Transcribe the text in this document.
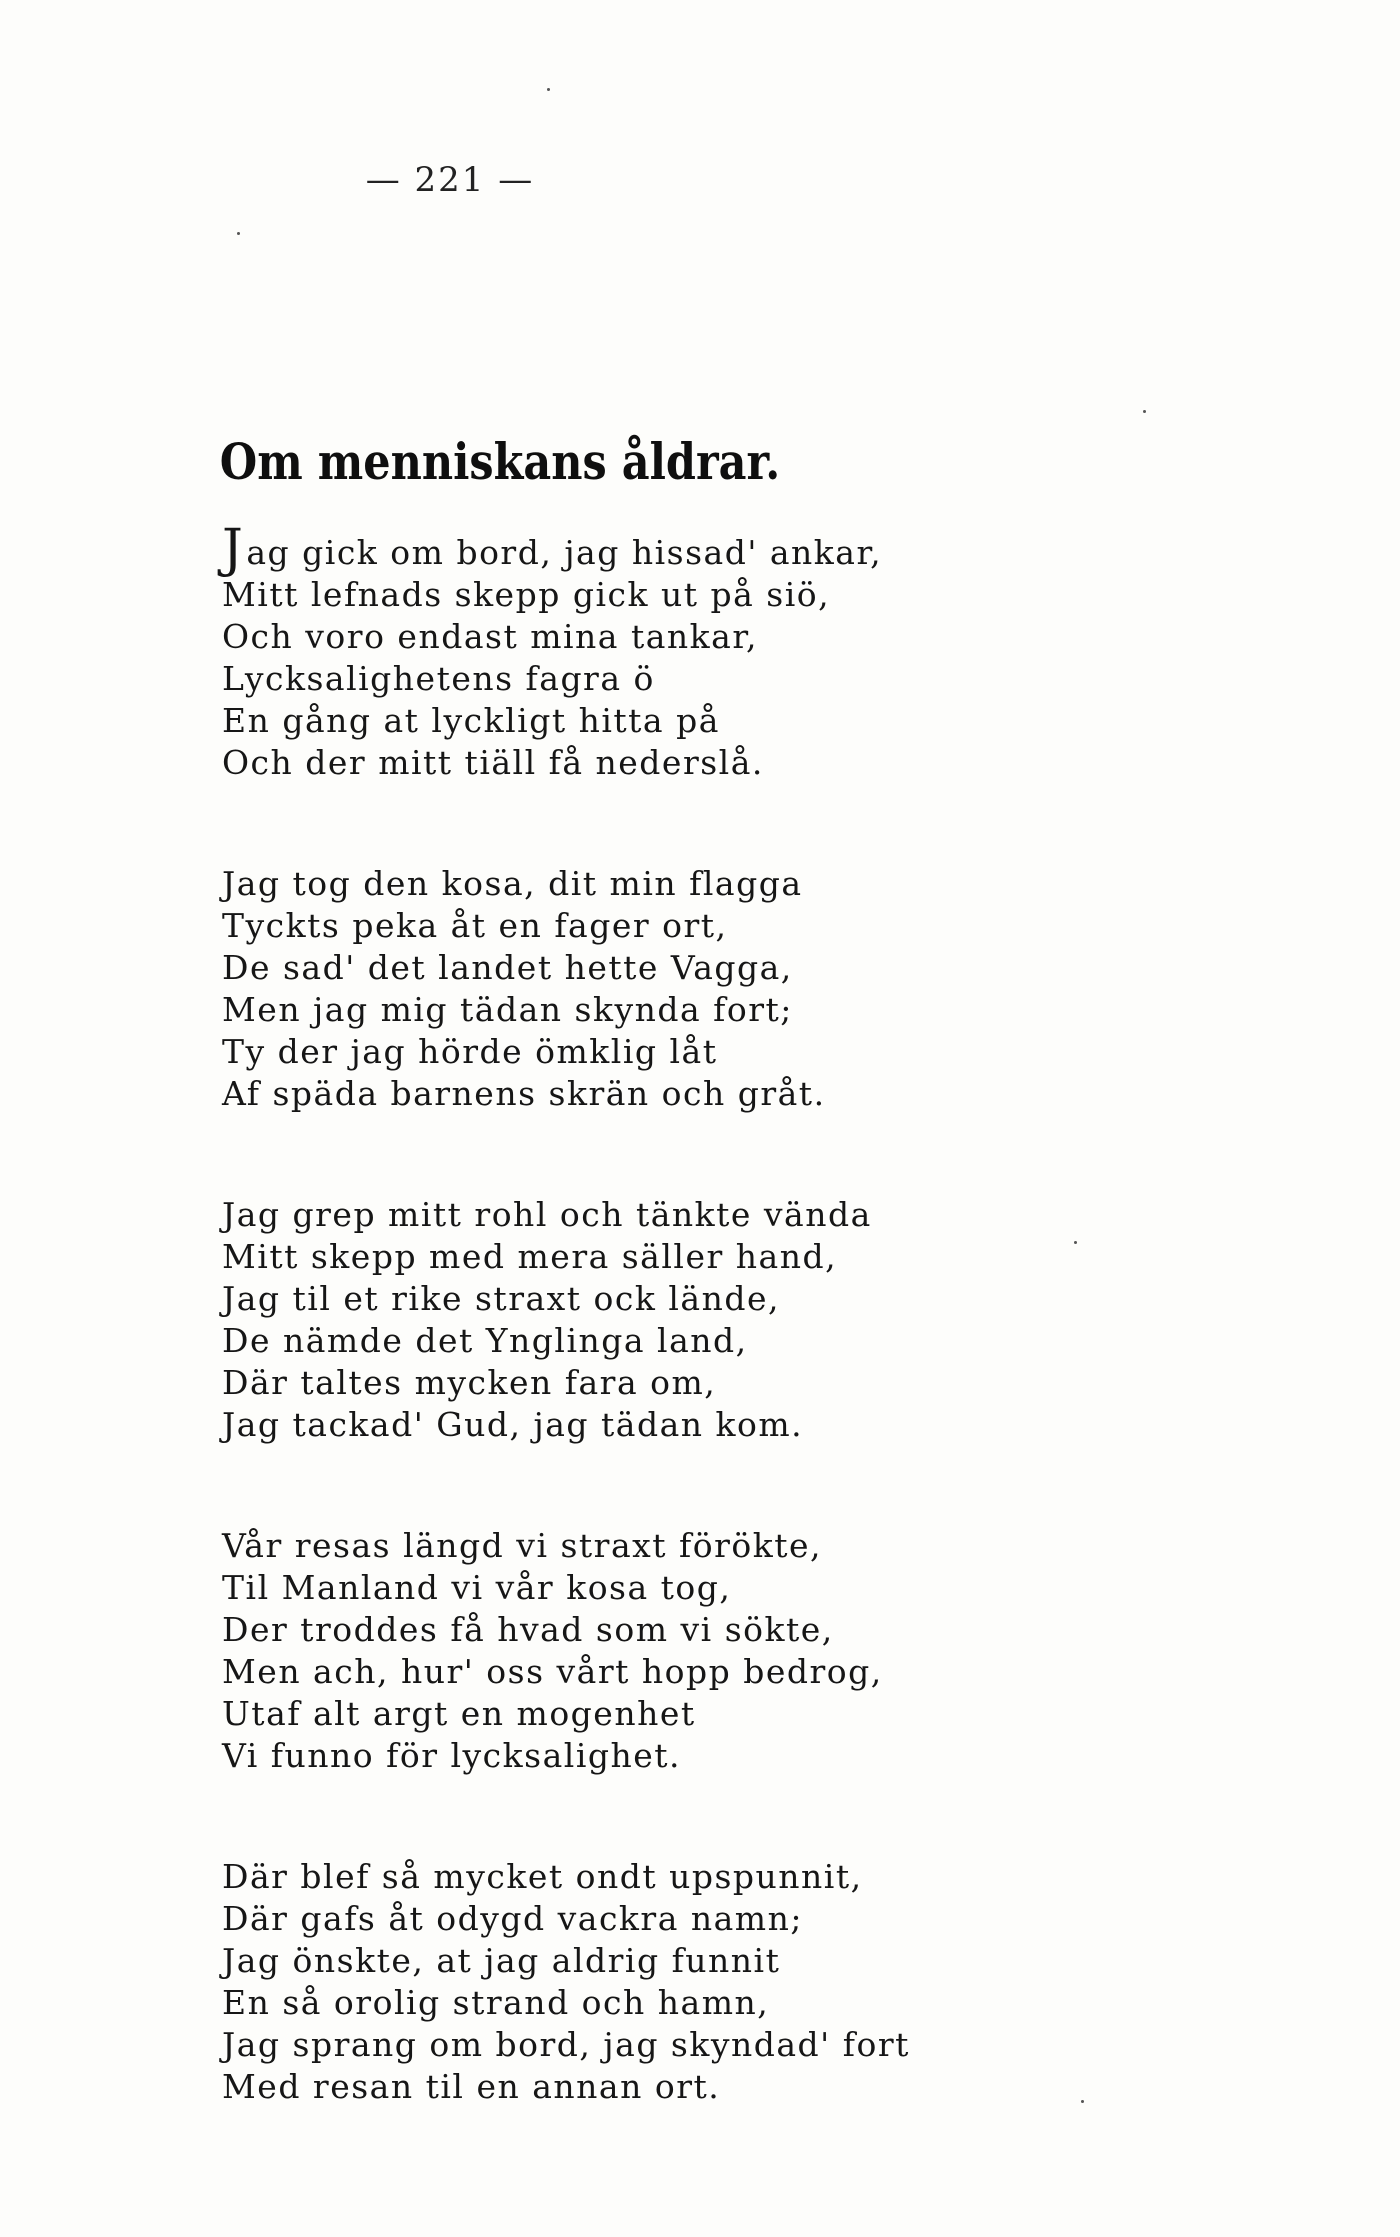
— 221 —
Om menniskans åldrar.
Jag gick om bord, jag hissad' ankar,
Mitt lefnads skepp gick ut på siö,
Och voro endast mina tankar,
Lycksalighetens fagra ö
En gång at lyckligt hitta på
Och der mitt tiäll få nederslå.
Jag tog den kosa, dit min flagga
Tyckts peka åt en fager ort,
De sad' det landet hette Vagga,
Men jag mig tädan skynda fort;
Ty der jag hörde ömklig låt
Af späda barnens skrän och gråt.
Jag grep mitt rohl och tänkte vända
Mitt skepp med mera säller hand,
Jag til et rike straxt ock lände,
De nämde det Ynglinga land,
Där taltes mycken fara om,
Jag tackad' Gud, jag tädan kom.
Vår resas längd vi straxt förökte,
Til Manland vi vår kosa tog,
Der troddes få hvad som vi sökte,
Men ach, hur' oss vårt hopp bedrog,
Utaf alt argt en mogenhet
Vi funno för lycksalighet.
Där blef så mycket ondt upspunnit,
Där gafs åt odygd vackra namn;
Jag önskte, at jag aldrig funnit
En så orolig strand och hamn,
Jag sprang om bord, jag skyndad' fort
Med resan til en annan ort.
